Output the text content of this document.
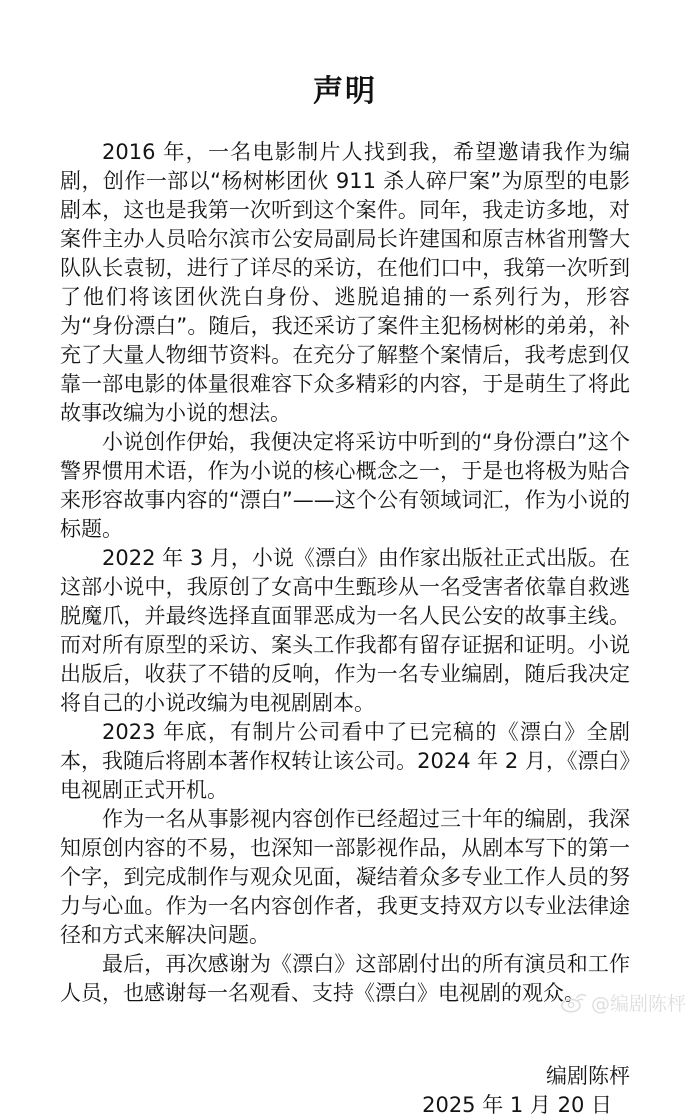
声明

2016 年，一名电影制片人找到我，希望邀请我作为编剧，创作一部以“杨树彬团伙 911 杀人碎尸案”为原型的电影剧本，这也是我第一次听到这个案件。同年，我走访多地，对案件主办人员哈尔滨市公安局副局长许建国和原吉林省刑警大队队长袁韧，进行了详尽的采访，在他们口中，我第一次听到了他们将该团伙洗白身份、逃脱追捕的一系列行为，形容为“身份漂白”。随后，我还采访了案件主犯杨树彬的弟弟，补充了大量人物细节资料。在充分了解整个案情后，我考虑到仅靠一部电影的体量很难容下众多精彩的内容，于是萌生了将此故事改编为小说的想法。

小说创作伊始，我便决定将采访中听到的“身份漂白”这个警界惯用术语，作为小说的核心概念之一，于是也将极为贴合来形容故事内容的“漂白”——这个公有领域词汇，作为小说的标题。

2022 年 3 月，小说《漂白》由作家出版社正式出版。在这部小说中，我原创了女高中生甄珍从一名受害者依靠自救逃脱魔爪，并最终选择直面罪恶成为一名人民公安的故事主线。而对所有原型的采访、案头工作我都有留存证据和证明。小说出版后，收获了不错的反响，作为一名专业编剧，随后我决定将自己的小说改编为电视剧剧本。

2023 年底，有制片公司看中了已完稿的《漂白》全剧本，我随后将剧本著作权转让该公司。2024 年 2 月，《漂白》电视剧正式开机。

作为一名从事影视内容创作已经超过三十年的编剧，我深知原创内容的不易，也深知一部影视作品，从剧本写下的第一个字，到完成制作与观众见面，凝结着众多专业工作人员的努力与心血。作为一名内容创作者，我更支持双方以专业法律途径和方式来解决问题。

最后，再次感谢为《漂白》这部剧付出的所有演员和工作人员，也感谢每一名观看、支持《漂白》电视剧的观众。

编剧陈枰

2025 年 1 月 20 日

@编剧陈枰
